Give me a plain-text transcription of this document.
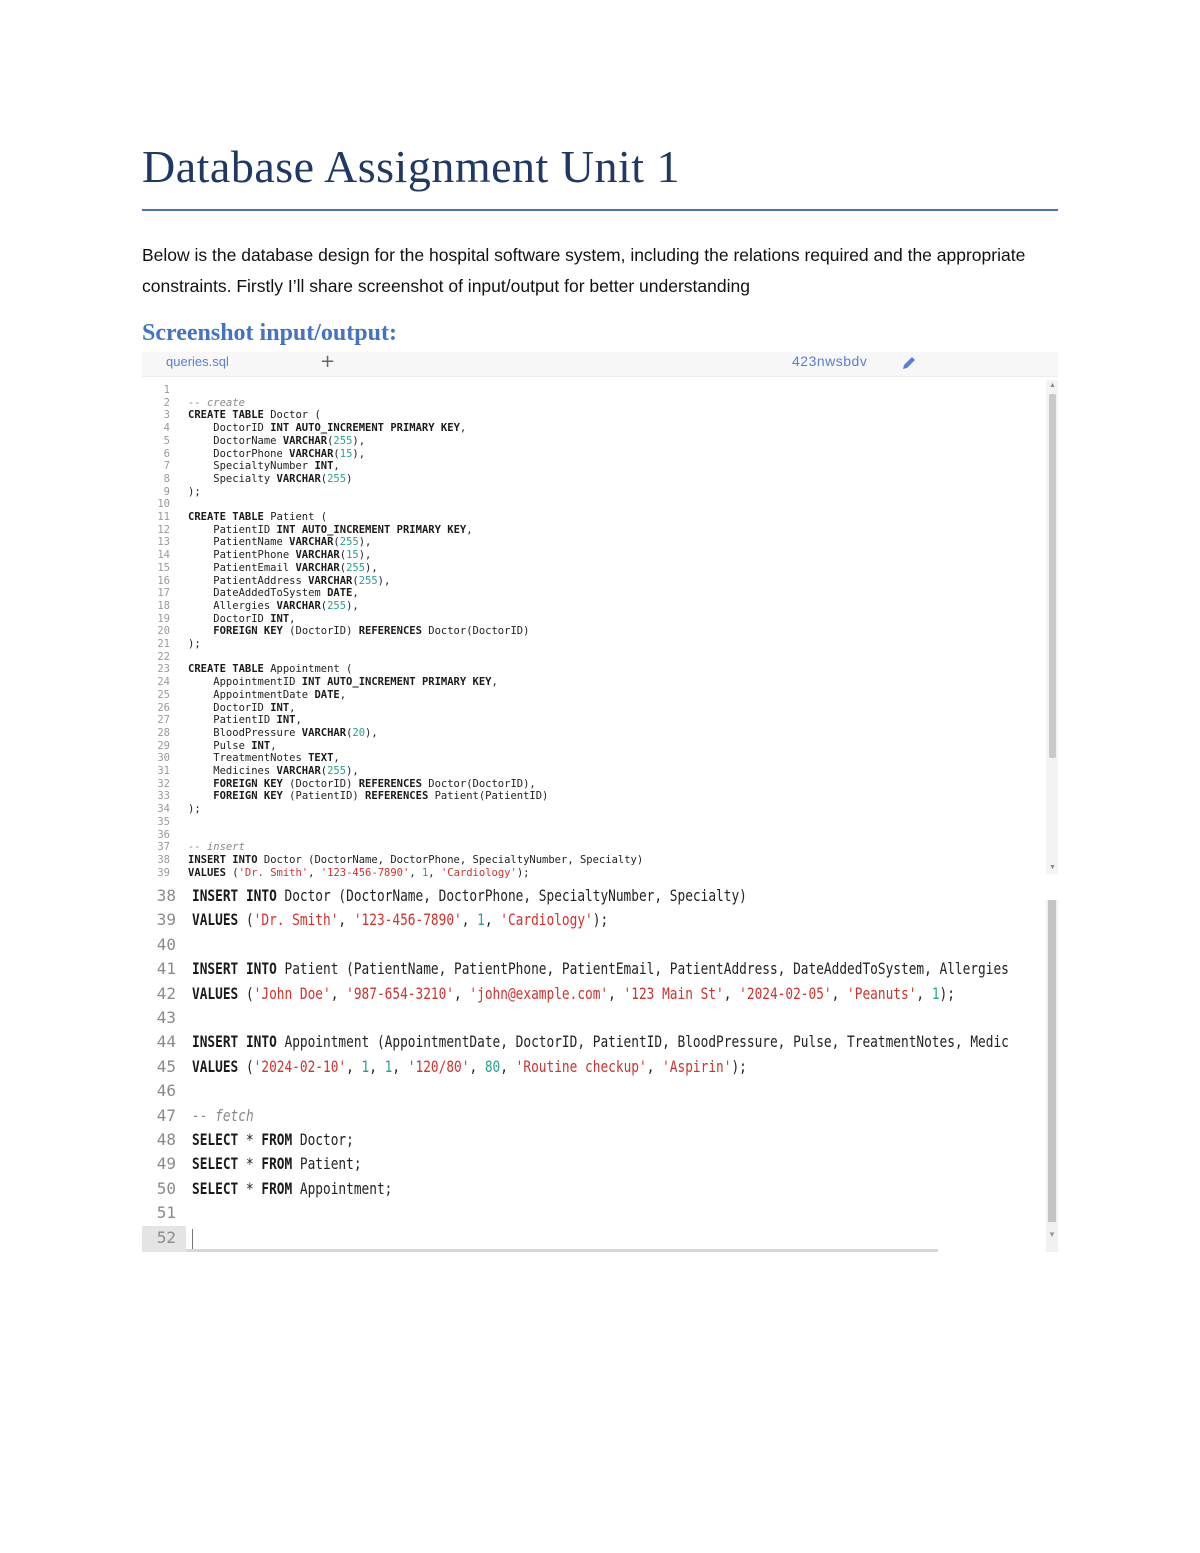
Database Assignment Unit 1

Below is the database design for the hospital software system, including the relations required and the appropriate constraints. Firstly I’ll share screenshot of input/output for better understanding

Screenshot input/output:
queries.sql	+	423nwsbdv
1
2 -- create
3 CREATE TABLE Doctor (
4 DoctorID INT AUTO_INCREMENT PRIMARY KEY,
5 DoctorName VARCHAR(255),
6 DoctorPhone VARCHAR(15),
7 SpecialtyNumber INT,
8 Specialty VARCHAR(255)
9 );
10
11 CREATE TABLE Patient (
12 PatientID INT AUTO_INCREMENT PRIMARY KEY,
13 PatientName VARCHAR(255),
14 PatientPhone VARCHAR(15),
15 PatientEmail VARCHAR(255),
16 PatientAddress VARCHAR(255),
17 DateAddedToSystem DATE,
18 Allergies VARCHAR(255),
19 DoctorID INT,
20	FOREIGN KEY (DoctorID) REFERENCES Doctor(DoctorID)
21 );
22
23 CREATE TABLE Appointment (
24 AppointmentID INT AUTO_INCREMENT PRIMARY KEY,
25 AppointmentDate DATE,
26 DoctorID INT,
27 PatientID INT,
28 BloodPressure VARCHAR(20),
29 Pulse INT,
30 TreatmentNotes TEXT,
31 Medicines VARCHAR(255),
32	FOREIGN KEY (DoctorID) REFERENCES Doctor(DoctorID),
33	FOREIGN KEY (PatientID) REFERENCES Patient(PatientID)
34 );
35
36
37 -- insert
38 INSERT INTO Doctor (DoctorName, DoctorPhone, SpecialtyNumber, Specialty)
39 VALUES ('Dr. Smith', '123-456-7890', 1, 'Cardiology');
▲
▼
38 INSERT INTO Doctor (DoctorName, DoctorPhone, SpecialtyNumber, Specialty)
39 VALUES ('Dr. Smith', '123-456-7890', 1, 'Cardiology');
40
41 INSERT INTO Patient (PatientName, PatientPhone, PatientEmail, PatientAddress, DateAddedToSystem, Allergies
42 VALUES ('John Doe', '987-654-3210', 'john@example.com', '123 Main St', '2024-02-05', 'Peanuts', 1);
43
44 INSERT INTO Appointment (AppointmentDate, DoctorID, PatientID, BloodPressure, Pulse, TreatmentNotes, Medic
45 VALUES ('2024-02-10', 1, 1, '120/80', 80, 'Routine checkup', 'Aspirin');
46
47 -- fetch
48 SELECT * FROM Doctor;
49 SELECT * FROM Patient;
50 SELECT * FROM Appointment;
51
52	▼
